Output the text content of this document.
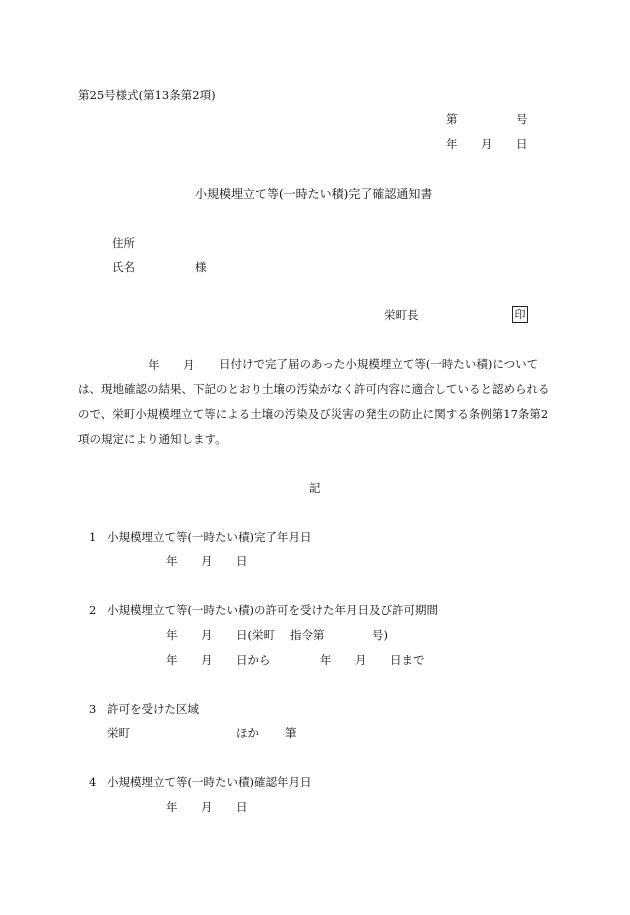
第25号様式(第13条第2項)
第	号
年 月 日
小規模埋立て等(一時たい積)完了確認通知書
住所
氏名	様
栄町長	印
年 月	日付けで完了届のあった小規模埋立て等(一時たい積)については、現地確認の結果、下記のとおり土壌の汚染がなく許可内容に適合していると認められるので、栄町小規模埋立て等による土壌の汚染及び災害の発生の防止に関する条例第17条第2項の規定により通知します。
記
1 小規模埋立て等(一時たい積)完了年月日
年 月 日
2 小規模埋立て等(一時たい積)の許可を受けた年月日及び許可期間
年 月 日(栄町 指令第	号)
年 月 日から	年 月 日まで
3 許可を受けた区域
栄町	ほか 筆
4 小規模埋立て等(一時たい積)確認年月日
年 月 日
